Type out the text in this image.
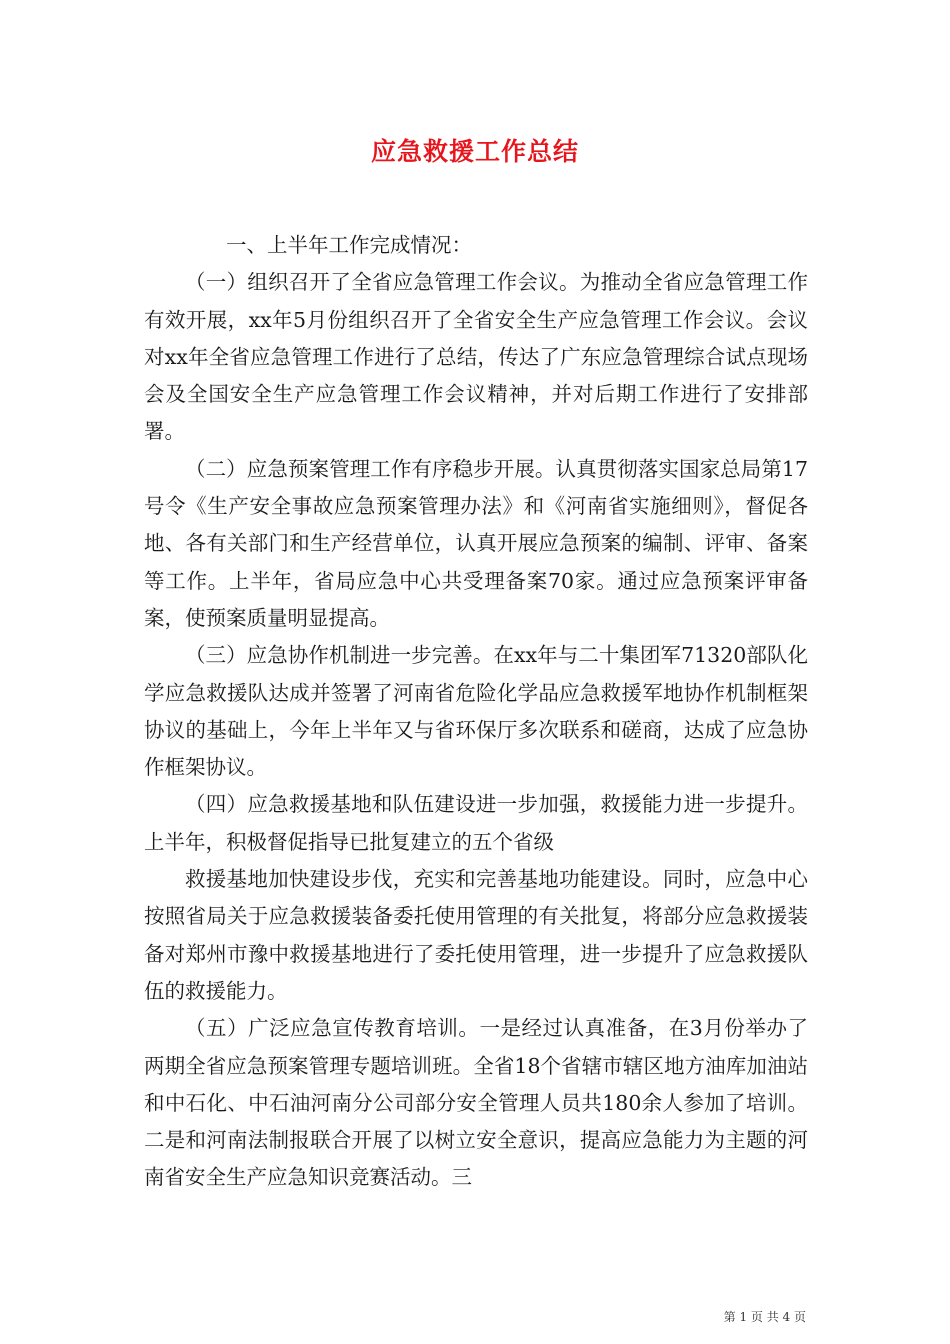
应急救援工作总结

一、上半年工作完成情况：

（一）组织召开了全省应急管理工作会议。为推动全省应急管理工作有效开展，xx年5月份组织召开了全省安全生产应急管理工作会议。会议对xx年全省应急管理工作进行了总结，传达了广东应急管理综合试点现场会及全国安全生产应急管理工作会议精神，并对后期工作进行了安排部署。

（二）应急预案管理工作有序稳步开展。认真贯彻落实国家总局第17号令《生产安全事故应急预案管理办法》和《河南省实施细则》，督促各地、各有关部门和生产经营单位，认真开展应急预案的编制、评审、备案等工作。上半年，省局应急中心共受理备案70家。通过应急预案评审备案，使预案质量明显提高。

（三）应急协作机制进一步完善。在xx年与二十集团军71320部队化学应急救援队达成并签署了河南省危险化学品应急救援军地协作机制框架协议的基础上，今年上半年又与省环保厅多次联系和磋商，达成了应急协作框架协议。

（四）应急救援基地和队伍建设进一步加强，救援能力进一步提升。上半年，积极督促指导已批复建立的五个省级

救援基地加快建设步伐，充实和完善基地功能建设。同时，应急中心按照省局关于应急救援装备委托使用管理的有关批复，将部分应急救援装备对郑州市豫中救援基地进行了委托使用管理，进一步提升了应急救援队伍的救援能力。

（五）广泛应急宣传教育培训。一是经过认真准备，在3月份举办了两期全省应急预案管理专题培训班。全省18个省辖市辖区地方油库加油站和中石化、中石油河南分公司部分安全管理人员共180余人参加了培训。二是和河南法制报联合开展了以树立安全意识，提高应急能力为主题的河南省安全生产应急知识竞赛活动。三

第 1 页 共 4 页
